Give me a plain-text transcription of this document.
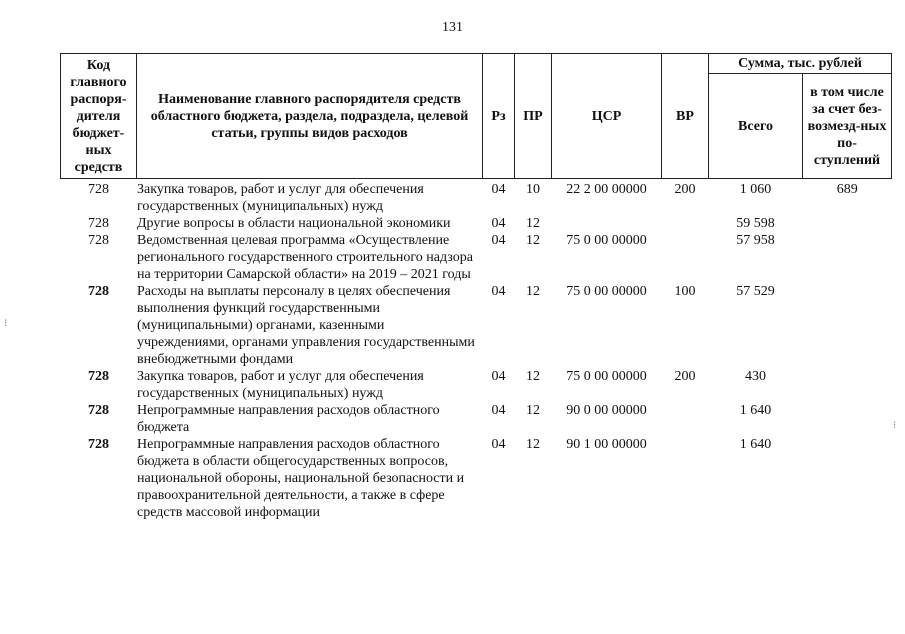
131
Код главного распоря-дителя бюджет-ных средств	Наименование главного распорядителя средств областного бюджета, раздела, подраздела, целевой статьи, группы видов расходов	Рз	ПР	ЦСР	ВР	Сумма, тыс. рублей	
						Всего	в том числе за счет без-возмезд-ных по-ступлений
728	Закупка товаров, работ и услуг для обеспечения государственных (муниципальных) нужд	04	10	22 2 00 00000	200	1 060	689
728	Другие вопросы в области национальной экономики	04	12			59 598	
728	Ведомственная целевая программа «Осуществление регионального государственного строительного надзора на территории Самарской области» на 2019 – 2021 годы	04	12	75 0 00 00000		57 958	
728	Расходы на выплаты персоналу в целях обеспечения выполнения функций государственными (муниципальными) органами, казенными учреждениями, органами управления государственными внебюджетными фондами	04	12	75 0 00 00000	100	57 529	
728	Закупка товаров, работ и услуг для обеспечения государственных (муниципальных) нужд	04	12	75 0 00 00000	200	430	
728	Непрограммные направления расходов областного бюджета	04	12	90 0 00 00000		1 640	
728	Непрограммные направления расходов областного бюджета в области общегосударственных вопросов, национальной обороны, национальной безопасности и правоохранительной деятельности, а также в сфере средств массовой информации	04	12	90 1 00 00000		1 640	
⁝
⁝
